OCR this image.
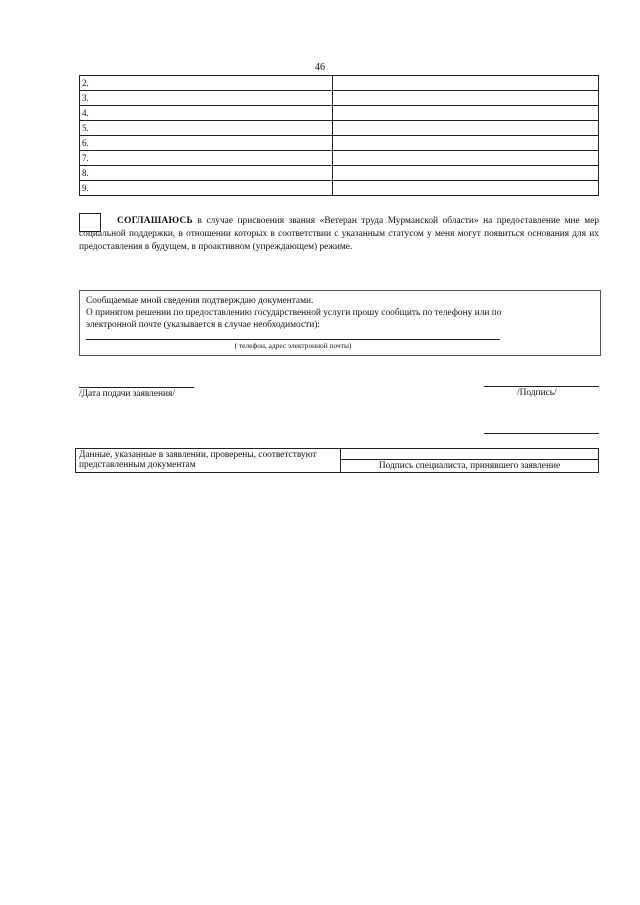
46
2.	
3.	
4.	
5.	
6.	
7.	
8.	
9.	
СОГЛАШАЮСЬ в случае присвоения звания «Ветеран труда Мурманской области» на предоставление мне мер социальной поддержки, в отношении которых в соответствии с указанным статусом у меня могут появиться основания для их предоставления в будущем, в проактивном (упреждающем) режиме.
Сообщаемые мной сведения подтверждаю документами.
О принятом решении по предоставлению государственной услуги прошу сообщить по телефону или по
электронной почте (указывается в случае необходимости):
( телефон, адрес электронной почты)
/Дата подачи заявления/	/Подпись/
Данные, указанные в заявлении, проверены, соответствуют представленным документам	Подпись специалиста, принявшего заявление
